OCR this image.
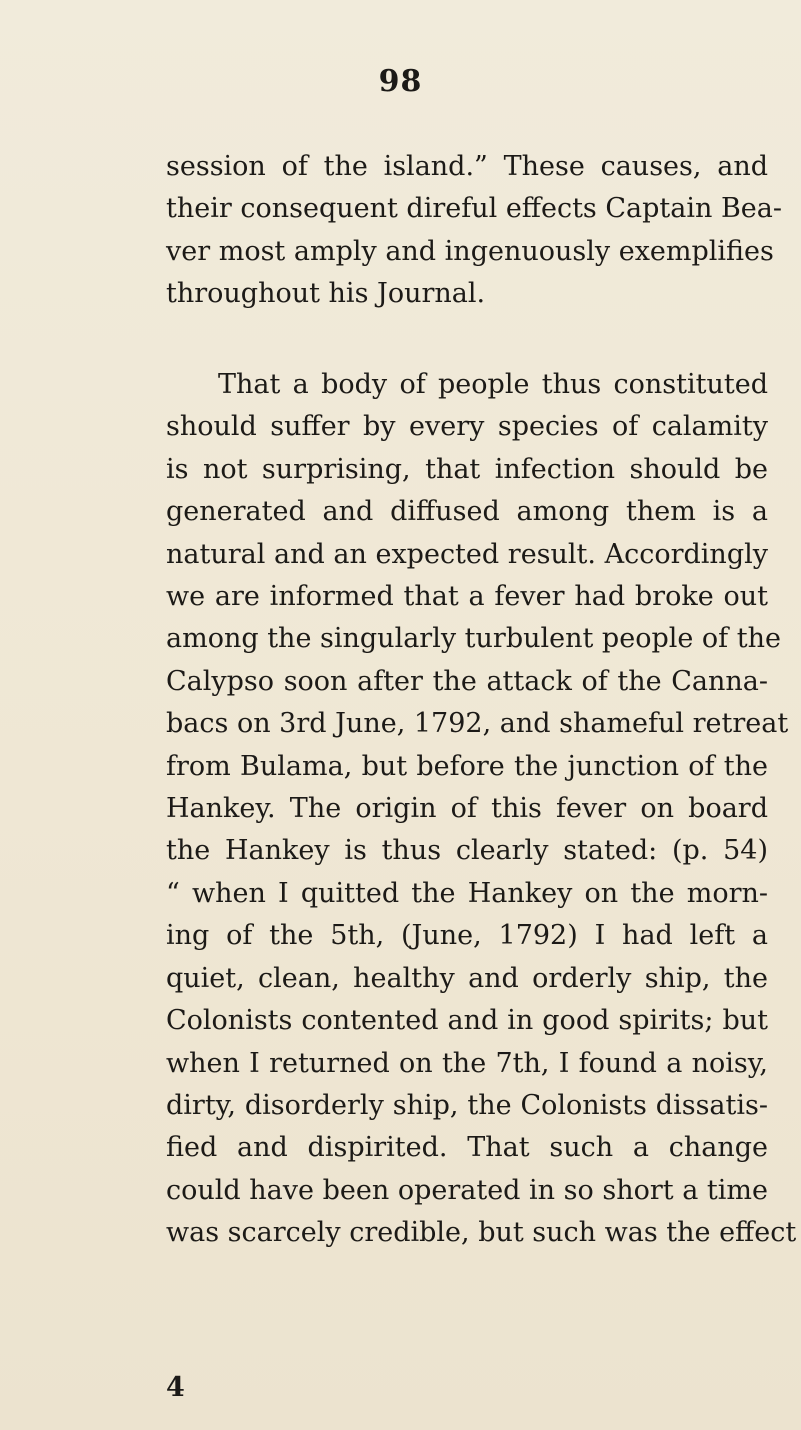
98
session of the island.” These causes, and
their consequent direful effects Captain Bea-
ver most amply and ingenuously exemplifies
throughout his Journal.
That a body of people thus constituted
should suffer by every species of calamity
is not surprising, that infection should be
generated and diffused among them is a
natural and an expected result. Accordingly
we are informed that a fever had broke out
among the singularly turbulent people of the
Calypso soon after the attack of the Canna-
bacs on 3rd June, 1792, and shameful retreat
from Bulama, but before the junction of the
Hankey. The origin of this fever on board
the Hankey is thus clearly stated: (p. 54)
“ when I quitted the Hankey on the morn-
ing of the 5th, (June, 1792) I had left a
quiet, clean, healthy and orderly ship, the
Colonists contented and in good spirits; but
when I returned on the 7th, I found a noisy,
dirty, disorderly ship, the Colonists dissatis-
fied and dispirited. That such a change
could have been operated in so short a time
was scarcely credible, but such was the effect
4
